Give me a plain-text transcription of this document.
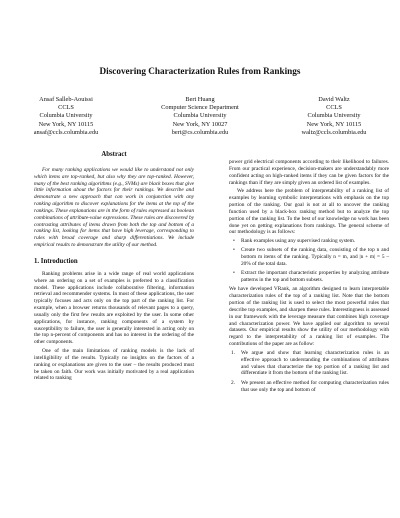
Discovering Characterization Rules from Rankings
Ansaf Salleb-Aouissi
CCLS
Columbia University
New York, NY 10115
ansaf@ccls.columbia.edu
Bert Huang
Computer Science Department
Columbia University
New York, NY 10027
bert@cs.columbia.edu
David Waltz
CCLS
Columbia University
New York, NY 10115
waltz@ccls.columbia.edu
Abstract

For many ranking applications we would like to understand not only which items are top-ranked, but also why they are top-ranked. However, many of the best ranking algorithms (e.g., SVMs) are black boxes that give little information about the factors for their rankings. We describe and demonstrate a new approach that can work in conjunction with any ranking algorithm to discover explanations for the items at the top of the rankings. These explanations are in the form of rules expressed as boolean combinations of attribute-value expressions. These rules are discovered by contrasting attributes of items drawn from both the top and bottom of a ranking list, looking for items that have high leverage, corresponding to rules with broad coverage and sharp differentiations. We include empirical results to demonstrate the utility of our method.

1. Introduction

Ranking problems arise in a wide range of real world applications where an ordering on a set of examples is preferred to a classification model. These applications include collaborative filtering, information retrieval and recommender systems. In most of these applications, the user typically focuses and acts only on the top part of the ranking list. For example, when a browser returns thousands of relevant pages to a query, usually only the first few results are exploited by the user. In some other applications, for instance, ranking components of a system by susceptibility to failure, the user is generally interested in acting only on the top n-percent of components and has no interest in the ordering of the other components.

One of the main limitations of ranking models is the lack of intelligibility of the results. Typically no insights on the factors of a ranking or explanations are given to the user – the results produced must be taken on faith. Our work was initially motivated by a real application related to ranking

power grid electrical components according to their likelihood to failures. From our practical experience, decision-makers are understandably more confident acting on high-ranked items if they can be given factors for the rankings than if they are simply given an ordered list of examples.

We address here the problem of interpretability of a ranking list of examples by learning symbolic interpretations with emphasis on the top portion of the ranking. Our goal is not at all to uncover the ranking function used by a black-box ranking method but to analyze the top portion of the ranking list. To the best of our knowledge no work has been done yet on getting explanations from rankings. The general scheme of our methodology is as follows:

• Rank examples using any supervised ranking system.
• Create two subsets of the ranking data, consisting of the top n and bottom m items of the ranking. Typically n = m, and |n + m| = 5 – 20% of the total data.
• Extract the important characteristic properties by analyzing attribute patterns in the top and bottom subsets.

We have developed VRank, an algorithm designed to learn interpretable characterization rules of the top of a ranking list. Note that the bottom portion of the ranking list is used to select the most powerful rules that describe top examples, and sharpen these rules. Interestingness is assessed in our framework with the leverage measure that combines high coverage and characterization power. We have applied our algorithm to several datasets. Our empirical results show the utility of our methodology with regard to the interpretability of a ranking list of examples. The contributions of the paper are as follow:

1. We argue and show that learning characterization rules is an effective approach to understanding the combinations of attributes and values that characterize the top portion of a ranking list and differentiate it from the bottom of the ranking list.
2. We present an effective method for computing characterization rules that use only the top and bottom of
